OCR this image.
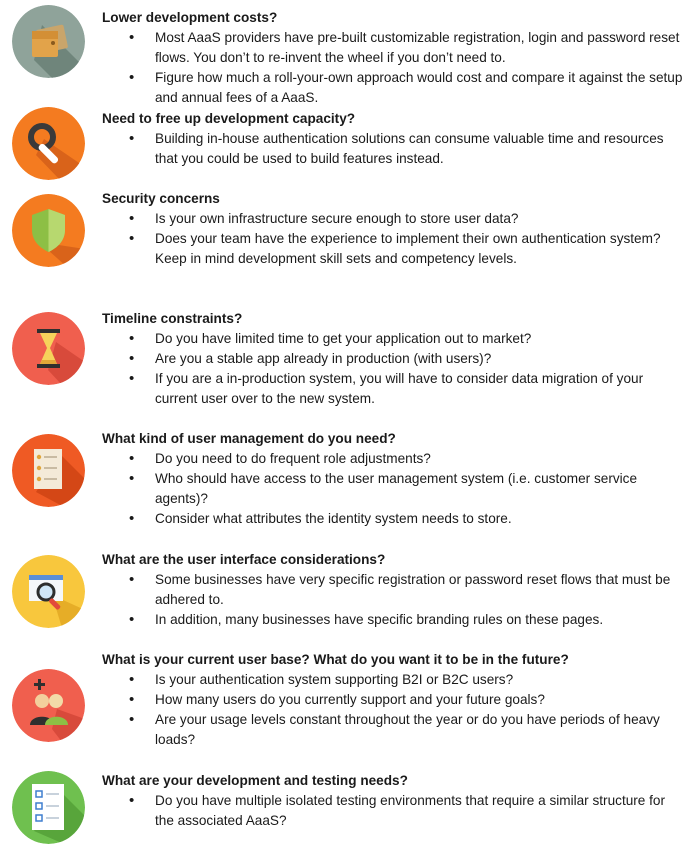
Lower development costs?
• Most AaaS providers have pre-built customizable registration, login and password reset flows. You don’t to re-invent the wheel if you don’t need to.
• Figure how much a roll-your-own approach would cost and compare it against the setup and annual fees of a AaaS.
Need to free up development capacity?
• Building in-house authentication solutions can consume valuable time and resources that you could be used to build features instead.
Security concerns
• Is your own infrastructure secure enough to store user data?
• Does your team have the experience to implement their own authentication system? Keep in mind development skill sets and competency levels.
Timeline constraints?
• Do you have limited time to get your application out to market?
• Are you a stable app already in production (with users)?
• If you are a in-production system, you will have to consider data migration of your current user over to the new system.
What kind of user management do you need?
• Do you need to do frequent role adjustments?
• Who should have access to the user management system (i.e. customer service agents)?
• Consider what attributes the identity system needs to store.
What are the user interface considerations?
• Some businesses have very specific registration or password reset flows that must be adhered to.
• In addition, many businesses have specific branding rules on these pages.
What is your current user base? What do you want it to be in the future?
• Is your authentication system supporting B2I or B2C users?
• How many users do you currently support and your future goals?
• Are your usage levels constant throughout the year or do you have periods of heavy loads?
What are your development and testing needs?
• Do you have multiple isolated testing environments that require a similar structure for the associated AaaS?
